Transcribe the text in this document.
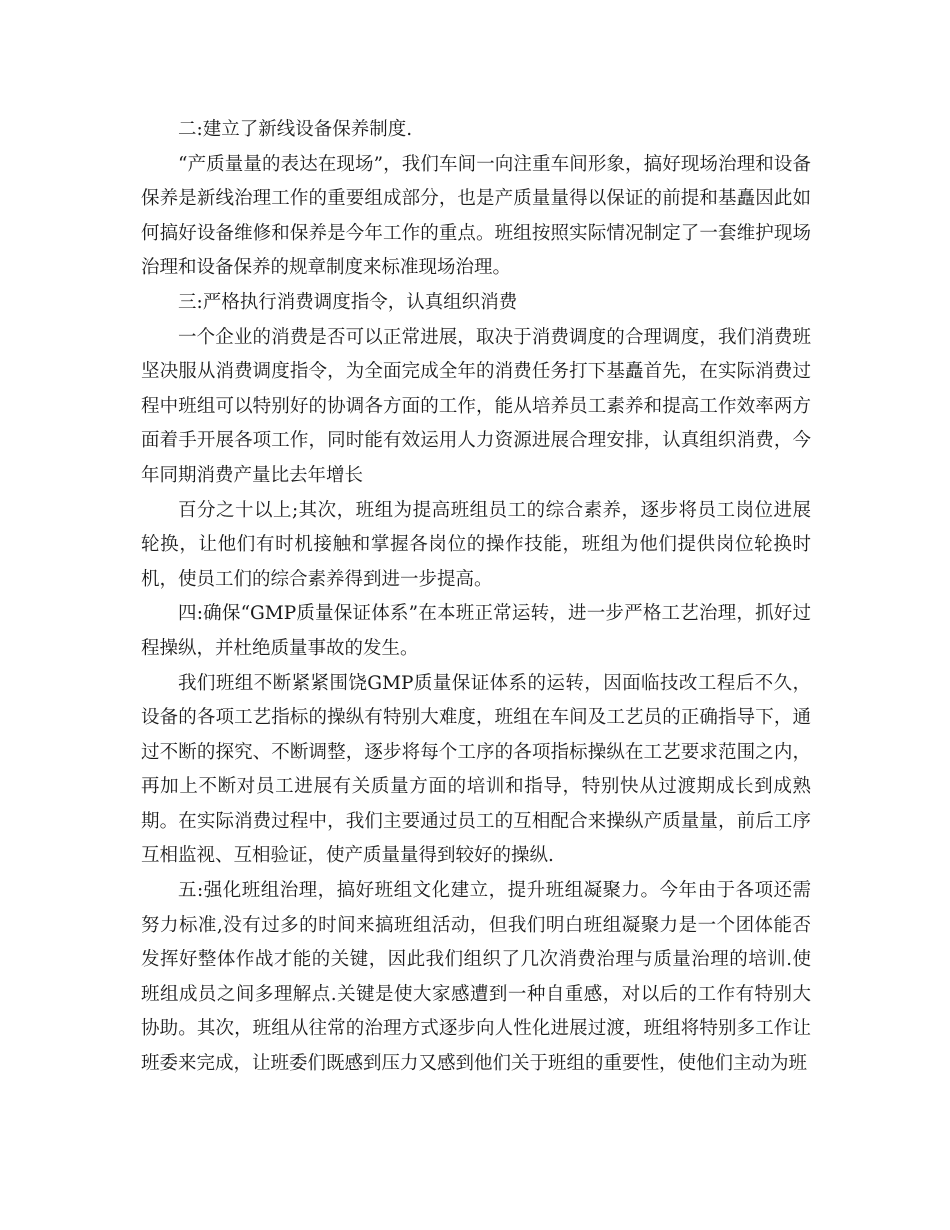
二:建立了新线设备保养制度.

“产质量量的表达在现场”，我们车间一向注重车间形象，搞好现场治理和设备保养是新线治理工作的重要组成部分，也是产质量量得以保证的前提和基矗因此如何搞好设备维修和保养是今年工作的重点。班组按照实际情况制定了一套维护现场治理和设备保养的规章制度来标准现场治理。

三:严格执行消费调度指令，认真组织消费

一个企业的消费是否可以正常进展，取决于消费调度的合理调度，我们消费班坚决服从消费调度指令，为全面完成全年的消费任务打下基矗首先，在实际消费过程中班组可以特别好的协调各方面的工作，能从培养员工素养和提高工作效率两方面着手开展各项工作，同时能有效运用人力资源进展合理安排，认真组织消费，今年同期消费产量比去年增长

百分之十以上;其次，班组为提高班组员工的综合素养，逐步将员工岗位进展轮换，让他们有时机接触和掌握各岗位的操作技能，班组为他们提供岗位轮换时机，使员工们的综合素养得到进一步提高。

四:确保“GMP质量保证体系”在本班正常运转，进一步严格工艺治理，抓好过程操纵，并杜绝质量事故的发生。

我们班组不断紧紧围饶GMP质量保证体系的运转，因面临技改工程后不久，设备的各项工艺指标的操纵有特别大难度，班组在车间及工艺员的正确指导下，通过不断的探究、不断调整，逐步将每个工序的各项指标操纵在工艺要求范围之内，再加上不断对员工进展有关质量方面的培训和指导，特别快从过渡期成长到成熟期。在实际消费过程中，我们主要通过员工的互相配合来操纵产质量量，前后工序互相监视、互相验证，使产质量量得到较好的操纵.

五:强化班组治理，搞好班组文化建立，提升班组凝聚力。今年由于各项还需努力标准,没有过多的时间来搞班组活动，但我们明白班组凝聚力是一个团体能否发挥好整体作战才能的关键，因此我们组织了几次消费治理与质量治理的培训.使班组成员之间多理解点.关键是使大家感遭到一种自重感，对以后的工作有特别大协助。其次，班组从往常的治理方式逐步向人性化进展过渡，班组将特别多工作让班委来完成，让班委们既感到压力又感到他们关于班组的重要性，使他们主动为班
